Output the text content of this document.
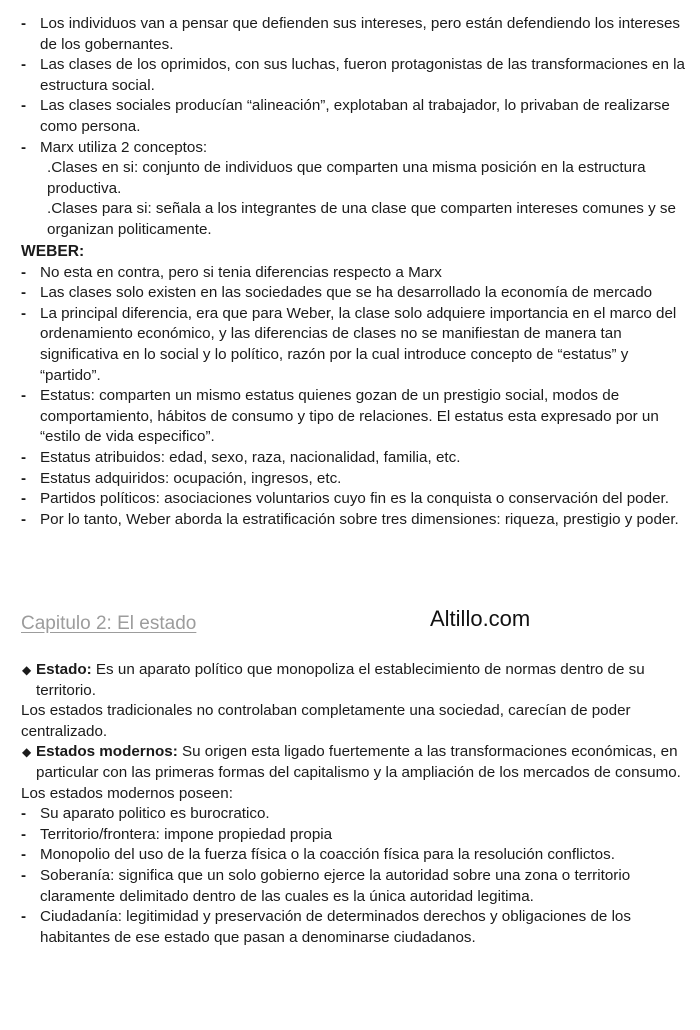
- Los individuos van a pensar que defienden sus intereses, pero están defendiendo los intereses de los gobernantes.
- Las clases de los oprimidos, con sus luchas, fueron protagonistas de las transformaciones en la estructura social.
- Las clases sociales producían “alineación”, explotaban al trabajador, lo privaban de realizarse como persona.
- Marx utiliza 2 conceptos:
.Clases en si: conjunto de individuos que comparten una misma posición en la estructura productiva.
.Clases para si: señala a los integrantes de una clase que comparten intereses comunes y se organizan politicamente.
WEBER:
- No esta en contra, pero si tenia diferencias respecto a Marx
- Las clases solo existen en las sociedades que se ha desarrollado la economía de mercado
- La principal diferencia, era que para Weber, la clase solo adquiere importancia en el marco del ordenamiento económico, y las diferencias de clases no se manifiestan de manera tan significativa en lo social y lo político, razón por la cual introduce concepto de “estatus” y “partido”.
- Estatus: comparten un mismo estatus quienes gozan de un prestigio social, modos de comportamiento, hábitos de consumo y tipo de relaciones. El estatus esta expresado por un “estilo de vida especifico”.
- Estatus atribuidos: edad, sexo, raza, nacionalidad, familia, etc.
- Estatus adquiridos: ocupación, ingresos, etc.
- Partidos políticos: asociaciones voluntarios cuyo fin es la conquista o conservación del poder.
- Por lo tanto, Weber aborda la estratificación sobre tres dimensiones: riqueza, prestigio y poder.
Capitulo 2: El estado	Altillo.com
◆ Estado: Es un aparato político que monopoliza el establecimiento de normas dentro de su territorio.
Los estados tradicionales no controlaban completamente una sociedad, carecían de poder centralizado.
◆ Estados modernos: Su origen esta ligado fuertemente a las transformaciones económicas, en particular con las primeras formas del capitalismo y la ampliación de los mercados de consumo.
Los estados modernos poseen:
- Su aparato politico es burocratico.
- Territorio/frontera: impone propiedad propia
- Monopolio del uso de la fuerza física o la coacción física para la resolución conflictos.
- Soberanía: significa que un solo gobierno ejerce la autoridad sobre una zona o territorio claramente delimitado dentro de las cuales es la única autoridad legitima.
- Ciudadanía: legitimidad y preservación de determinados derechos y obligaciones de los habitantes de ese estado que pasan a denominarse ciudadanos.
